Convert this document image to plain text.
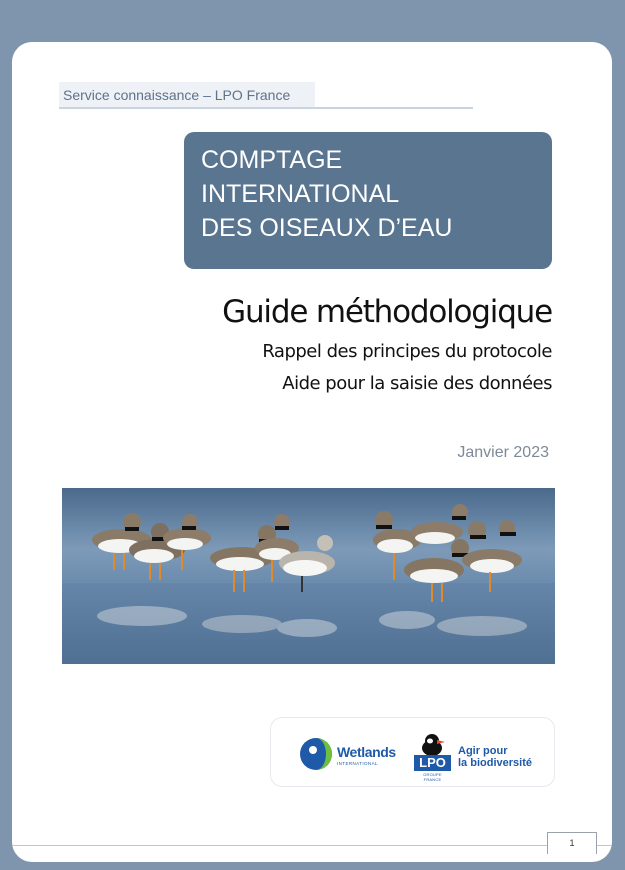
Service connaissance – LPO France
COMPTAGE
INTERNATIONAL
DES OISEAUX D’EAU
Guide méthodologique
Rappel des principes du protocole
Aide pour la saisie des données
Janvier 2023
Wetlands
INTERNATIONAL	LPO
GROUPE FRANCE
Agir pour
la biodiversité
1
